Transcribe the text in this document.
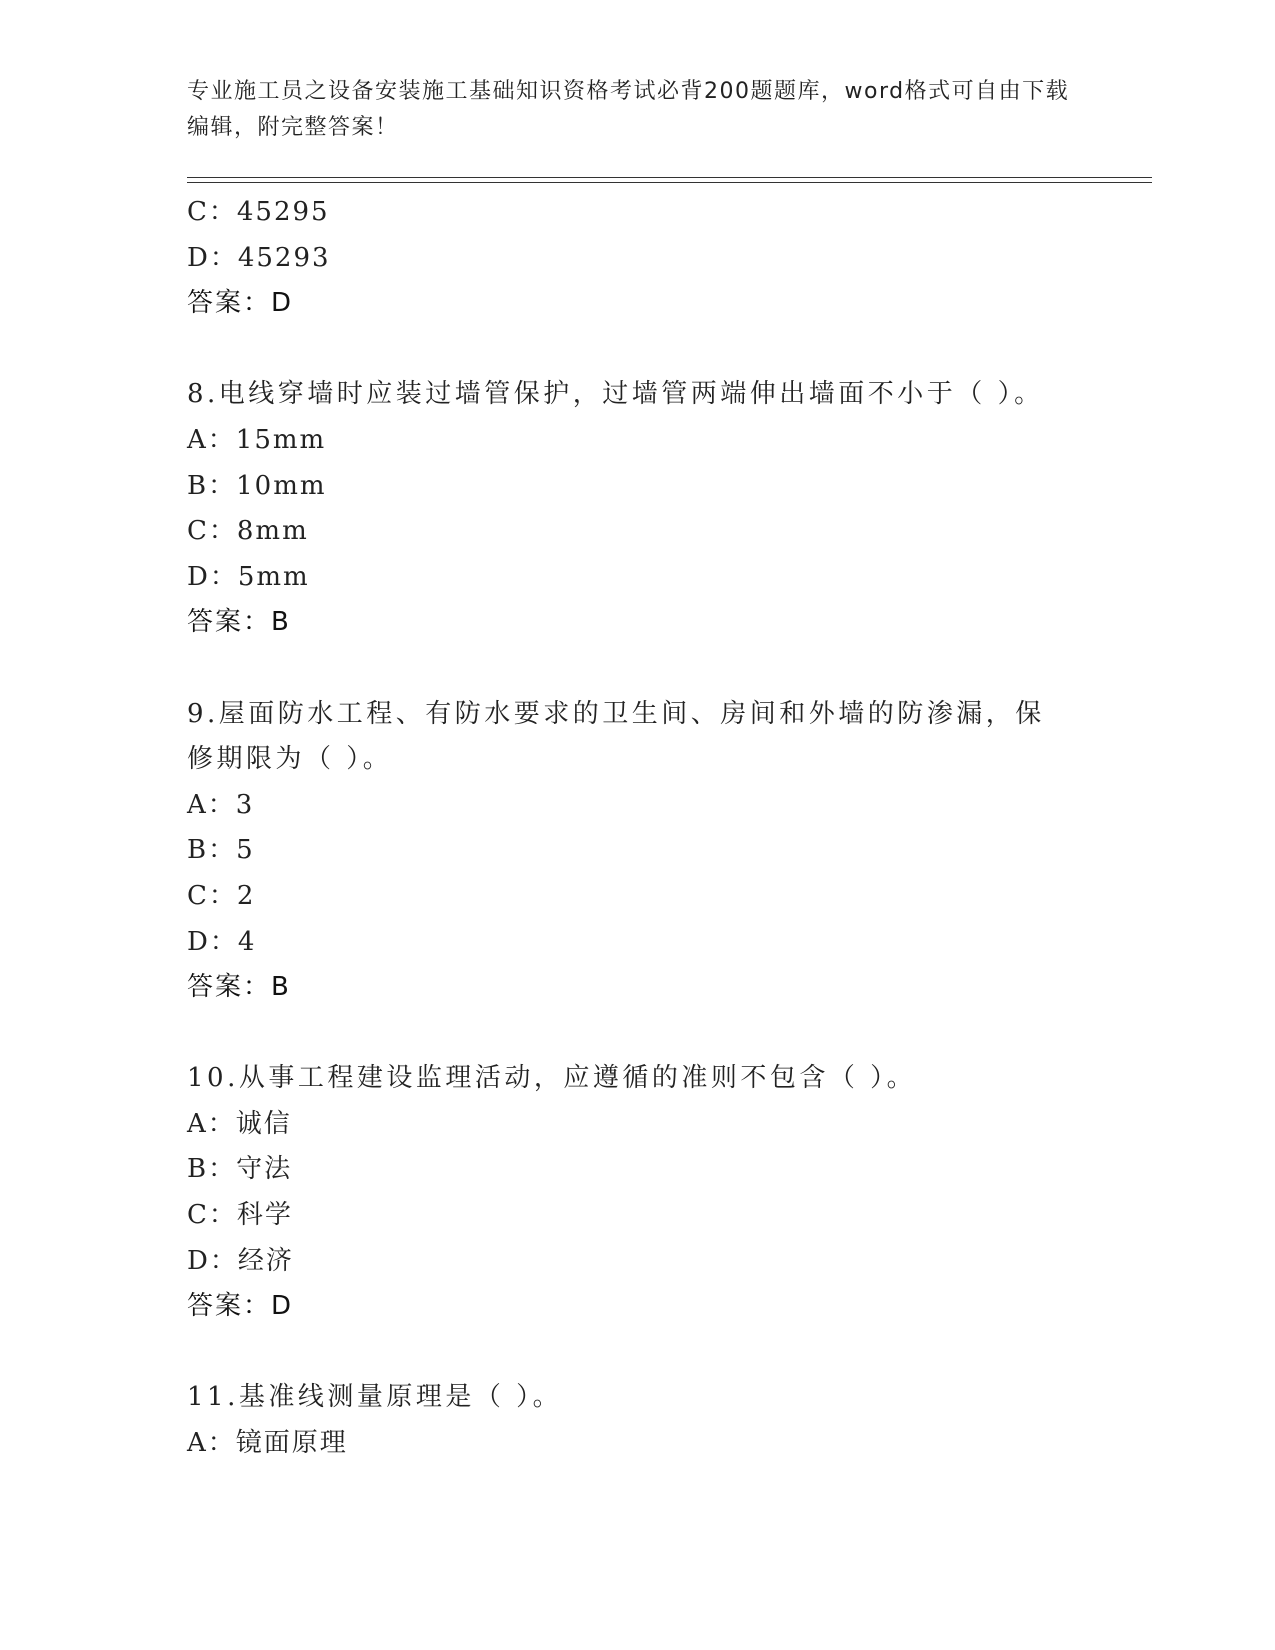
专业施工员之设备安装施工基础知识资格考试必背200题题库，word格式可自由下载编辑，附完整答案！
C：45295
D：45293
答案：D
8.电线穿墙时应装过墙管保护，过墙管两端伸出墙面不小于（ ）。
A：15mm
B：10mm
C：8mm
D：5mm
答案：B
9.屋面防水工程、有防水要求的卫生间、房间和外墙的防渗漏，保修期限为（ ）。
A：3
B：5
C：2
D：4
答案：B
10.从事工程建设监理活动，应遵循的准则不包含（ ）。
A：诚信
B：守法
C：科学
D：经济
答案：D
11.基准线测量原理是（ ）。
A：镜面原理
